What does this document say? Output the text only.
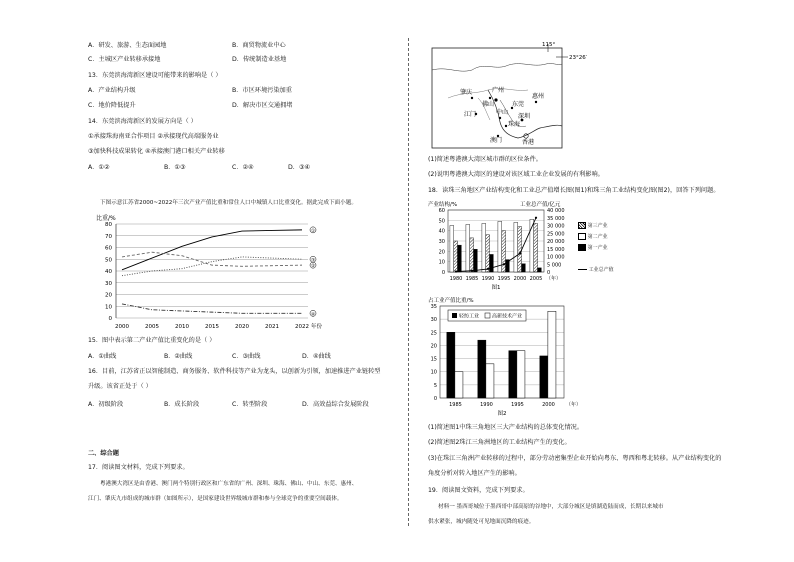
A．研发、旅游、生态面园地	B．商贸物流业中心
C．主城区产业转移承接地	D．传统制造业基地
13．东莞滨海湾新区建设可能带来的影响是（ ）
A．产业结构升级	B．市区环境污染加重
C．地价降低提升	D．解决市区交通拥堵
14．东莞滨海湾新区的发展方向是（ ）
①承接珠海南亚合作项目 ②承接现代高端服务业
③加快科技成果转化 ④承接澳门港口相关产业转移
A．①②	B．①③	C．②④	D．③④
下图示意江苏省2000~2022年三次产业产值比重和常住人口中城镇人口比重变化。据此完成下面小题。
比重/%
80
70
60
50
40
30
20
10
0
2000	2005	2010	2015	2020	2021	2022 年份
①
②
③
④
15．图中表示第二产业产值比重变化的是（ ）
A．①曲线	B．②曲线	C．③曲线	D．④曲线
16．目前，江苏省正以智能制造、商务服务、软件科技等产业为龙头，以创新为引领，加速推进产业链转型
升级。该省正处于（ ）
A．初级阶段	B．成长阶段	C．转型阶段	D．高效益综合发展阶段
二、综合题
17．阅读图文材料，完成下列要求。
粤港澳大湾区是由香港、澳门两个特别行政区和广东省的广州、深圳、珠海、佛山、中山、东莞、惠州、
江门、肇庆九市组成的城市群（如图所示），是国家建设世界级城市群和参与全球竞争的重要空间载体。
115°
23°26′
广州
惠州
肇庆
佛山	东莞
深圳
江门	中山
珠海
澳门	香港
(1)简述粤港澳大湾区城市群的区位条件。
(2)说明粤港澳大湾区的建设对该区域工业企业发展的有利影响。
18．读珠三角地区产业结构变化和工业总产值增长图(图1)和珠三角工业结构变化图(图2)，回答下列问题。
产业结构/%	工业总产值/亿元
60
50
40
30
20
10
0
40 000
35 000
30 000
25 000
20 000
15 000
10 000
5 000
0
1980 1985 1990 1995 2000 2005 （年）
图1
第三产业
第二产业
第一产业
工业总产值
占工业产值比重/%
35
30
25
20
15
10
5
0
1985	1990	1995	2000 （年）
轻纺工业	高新技术产业
图2
(1)简述图1中珠三角地区三大产业结构的总体变化情况。
(2)简述图2珠江三角洲地区的工业结构产生的变化。
(3)在珠江三角洲产业转移的过程中，部分劳动密集型企业开始向粤东、粤西和粤北转移。从产业结构变化的
角度分析对转入地区产生的影响。
19．阅读图文资料，完成下列要求。
材料一 墨西哥城位于墨西哥中部高原的谷地中，大部分城区是填湖造陆而成，长期以来城市
供水紧张，城内随处可见地面沉降的痕迹。
